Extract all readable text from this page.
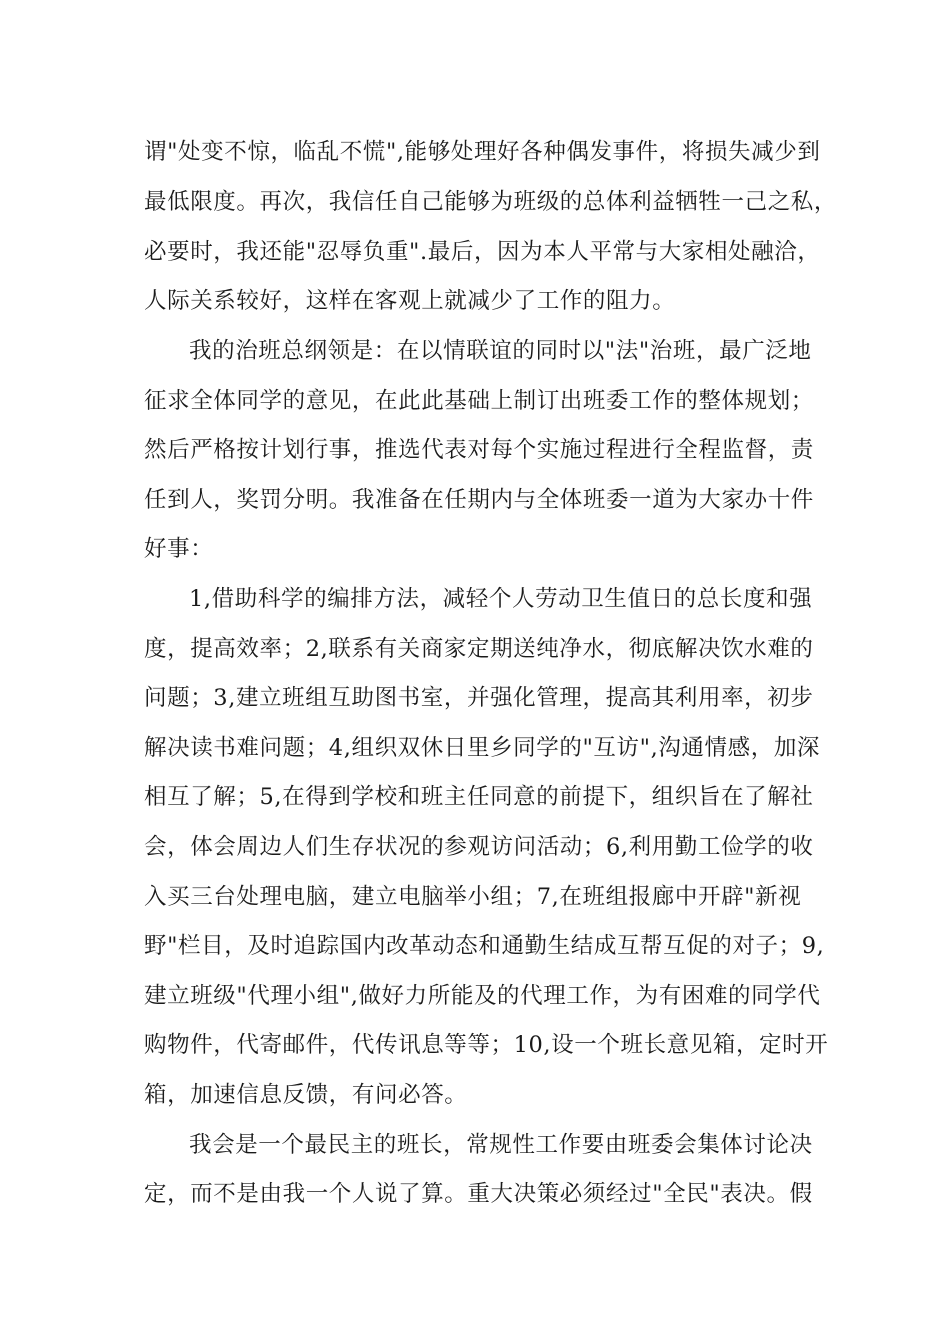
谓"处变不惊，临乱不慌",能够处理好各种偶发事件，将损失减少到
最低限度。再次，我信任自己能够为班级的总体利益牺牲一己之私，
必要时，我还能"忍辱负重".最后，因为本人平常与大家相处融洽，
人际关系较好，这样在客观上就减少了工作的阻力。
我的治班总纲领是：在以情联谊的同时以"法"治班，最广泛地
征求全体同学的意见，在此此基础上制订出班委工作的整体规划；
然后严格按计划行事，推选代表对每个实施过程进行全程监督，责
任到人，奖罚分明。我准备在任期内与全体班委一道为大家办十件
好事：
1,借助科学的编排方法，减轻个人劳动卫生值日的总长度和强
度，提高效率；2,联系有关商家定期送纯净水，彻底解决饮水难的
问题；3,建立班组互助图书室，并强化管理，提高其利用率，初步
解决读书难问题；4,组织双休日里乡同学的"互访",沟通情感，加深
相互了解；5,在得到学校和班主任同意的前提下，组织旨在了解社
会，体会周边人们生存状况的参观访问活动；6,利用勤工俭学的收
入买三台处理电脑，建立电脑举小组；7,在班组报廊中开辟"新视
野"栏目，及时追踪国内改革动态和通勤生结成互帮互促的对子；9,
建立班级"代理小组",做好力所能及的代理工作，为有困难的同学代
购物件，代寄邮件，代传讯息等等；10,设一个班长意见箱，定时开
箱，加速信息反馈，有问必答。
我会是一个最民主的班长，常规性工作要由班委会集体讨论决
定，而不是由我一个人说了算。重大决策必须经过"全民"表决。假
